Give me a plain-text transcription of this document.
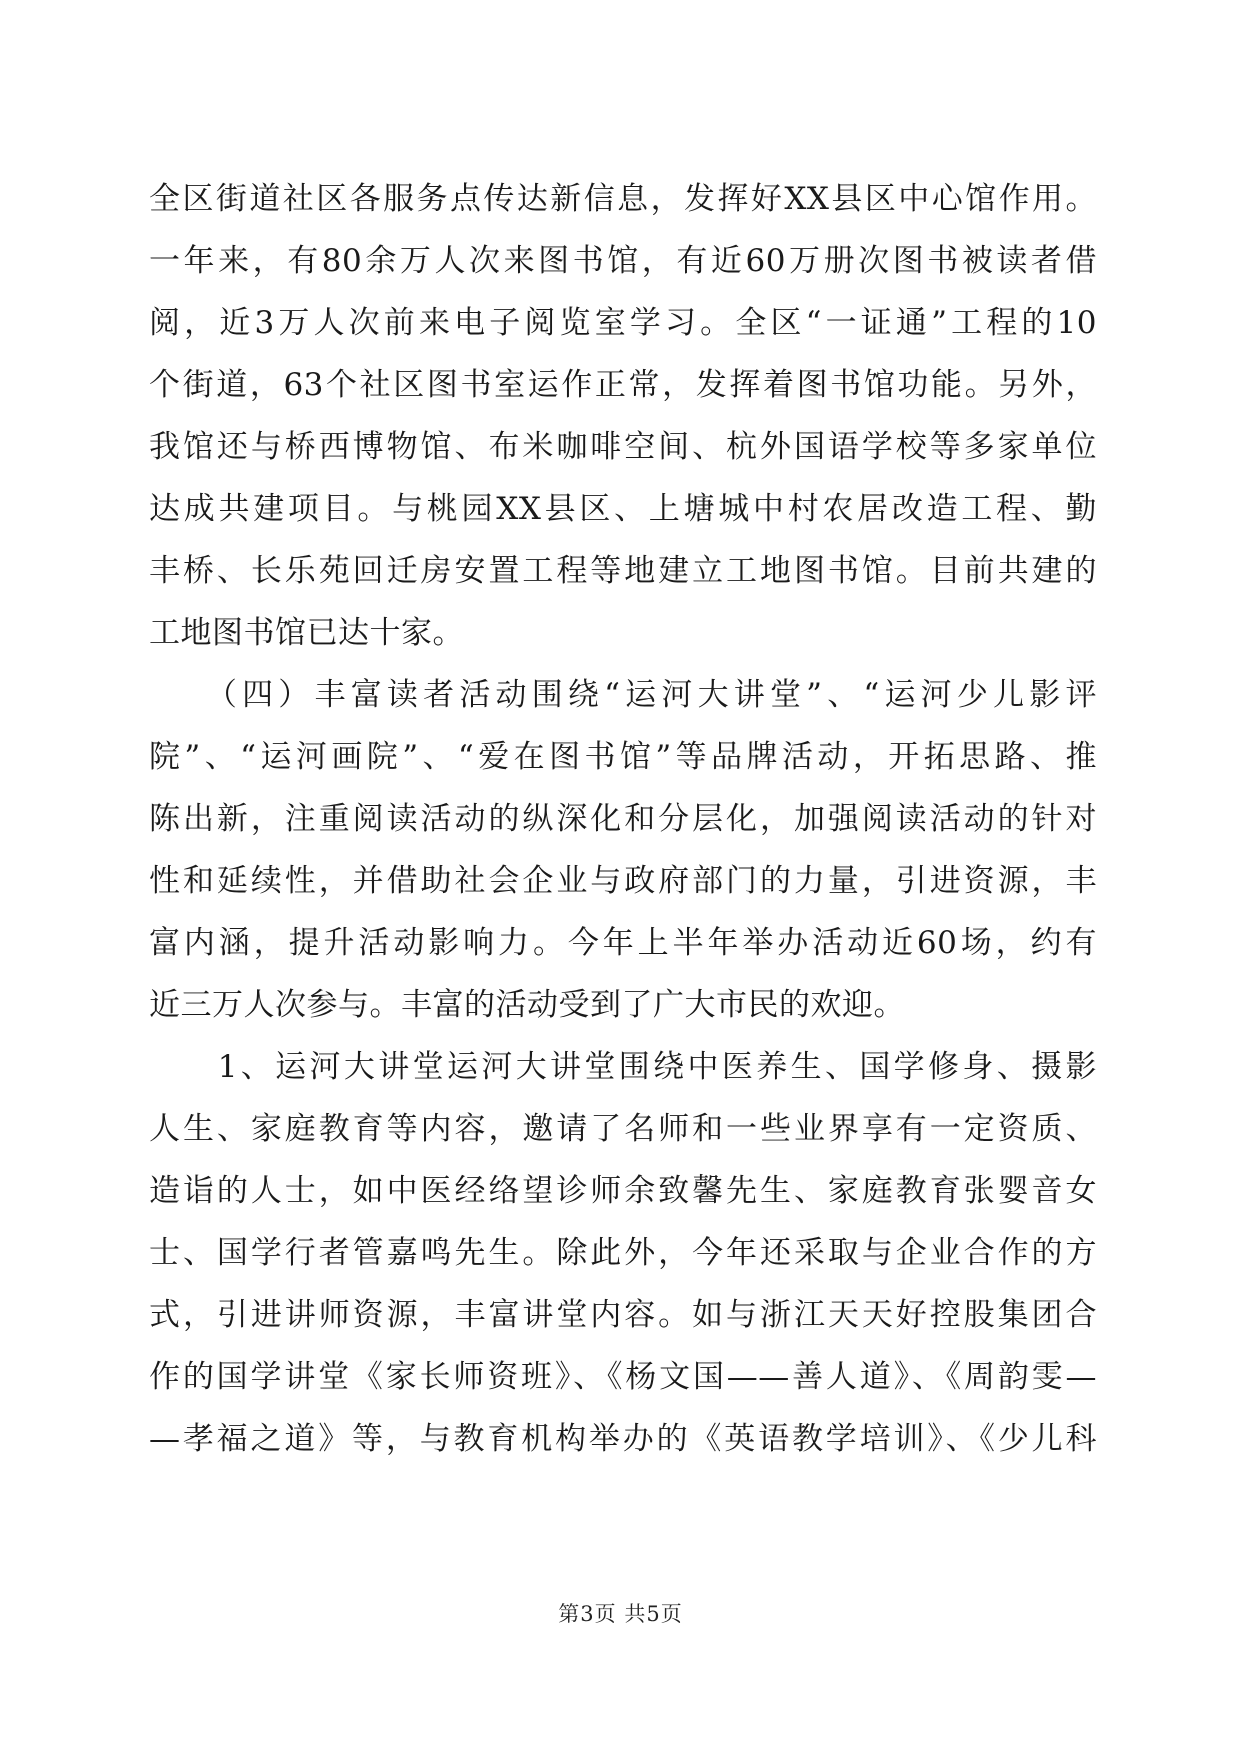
全区街道社区各服务点传达新信息，发挥好XX县区中心馆作用。
一年来，有80余万人次来图书馆，有近60万册次图书被读者借
阅，近3万人次前来电子阅览室学习。全区“一证通”工程的10
个街道，63个社区图书室运作正常，发挥着图书馆功能。另外，
我馆还与桥西博物馆、布米咖啡空间、杭外国语学校等多家单位
达成共建项目。与桃园XX县区、上塘城中村农居改造工程、勤
丰桥、长乐苑回迁房安置工程等地建立工地图书馆。目前共建的
工地图书馆已达十家。
　　（四）丰富读者活动围绕“运河大讲堂”、“运河少儿影评
院”、“运河画院”、“爱在图书馆”等品牌活动，开拓思路、推
陈出新，注重阅读活动的纵深化和分层化，加强阅读活动的针对
性和延续性，并借助社会企业与政府部门的力量，引进资源，丰
富内涵，提升活动影响力。今年上半年举办活动近60场，约有
近三万人次参与。丰富的活动受到了广大市民的欢迎。
　　1、运河大讲堂运河大讲堂围绕中医养生、国学修身、摄影
人生、家庭教育等内容，邀请了名师和一些业界享有一定资质、
造诣的人士，如中医经络望诊师余致馨先生、家庭教育张婴音女
士、国学行者管嘉鸣先生。除此外，今年还采取与企业合作的方
式，引进讲师资源，丰富讲堂内容。如与浙江天天好控股集团合
作的国学讲堂《家长师资班》、《杨文国——善人道》、《周韵雯—
—孝福之道》等，与教育机构举办的《英语教学培训》、《少儿科
第3页 共5页
